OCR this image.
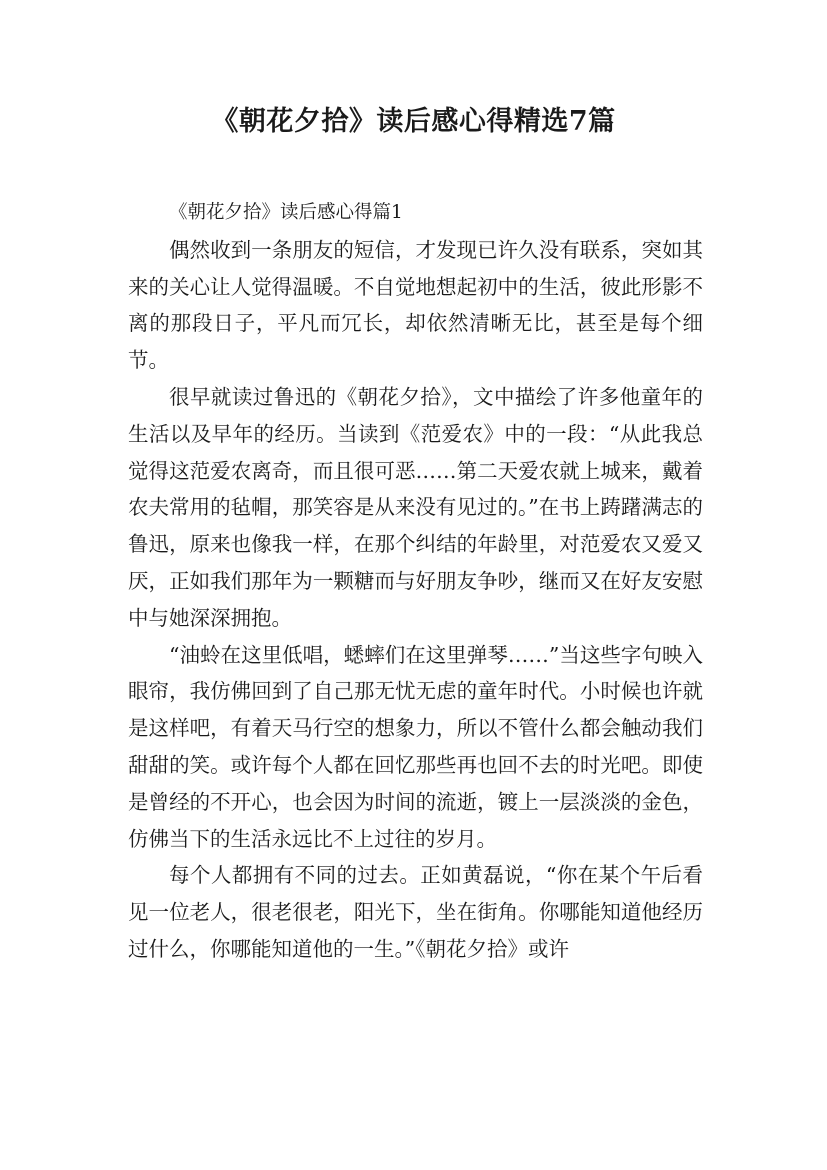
《朝花夕拾》读后感心得精选7篇

《朝花夕拾》读后感心得篇1

偶然收到一条朋友的短信，才发现已许久没有联系，突如其来的关心让人觉得温暖。不自觉地想起初中的生活，彼此形影不离的那段日子，平凡而冗长，却依然清晰无比，甚至是每个细节。

很早就读过鲁迅的《朝花夕拾》，文中描绘了许多他童年的生活以及早年的经历。当读到《范爱农》中的一段：“从此我总觉得这范爱农离奇，而且很可恶……第二天爱农就上城来，戴着农夫常用的毡帽，那笑容是从来没有见过的。”在书上踌躇满志的鲁迅，原来也像我一样，在那个纠结的年龄里，对范爱农又爱又厌，正如我们那年为一颗糖而与好朋友争吵，继而又在好友安慰中与她深深拥抱。

“油蛉在这里低唱，蟋蟀们在这里弹琴……”当这些字句映入眼帘，我仿佛回到了自己那无忧无虑的童年时代。小时候也许就是这样吧，有着天马行空的想象力，所以不管什么都会触动我们甜甜的笑。或许每个人都在回忆那些再也回不去的时光吧。即使是曾经的不开心，也会因为时间的流逝，镀上一层淡淡的金色，仿佛当下的生活永远比不上过往的岁月。

每个人都拥有不同的过去。正如黄磊说，“你在某个午后看见一位老人，很老很老，阳光下，坐在街角。你哪能知道他经历过什么，你哪能知道他的一生。”《朝花夕拾》或许
